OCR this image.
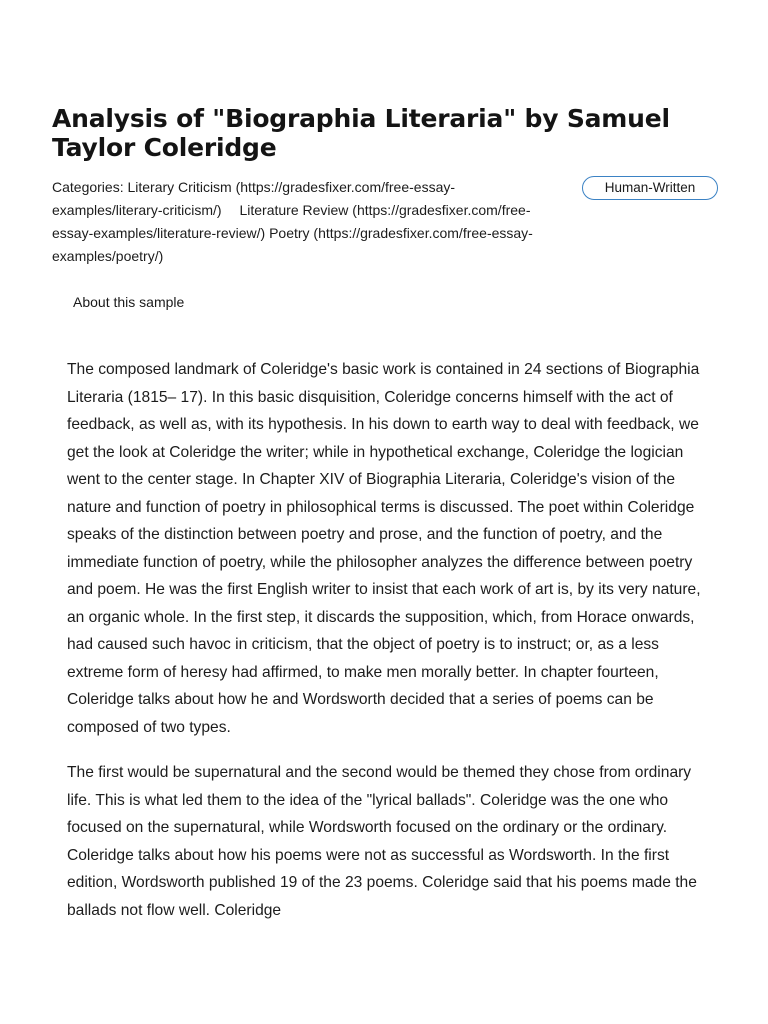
Analysis of "Biographia Literaria" by Samuel Taylor Coleridge
Categories: Literary Criticism (https://gradesfixer.com/free-essay-examples/literary-criticism/) Literature Review (https://gradesfixer.com/free-essay-examples/literature-review/) Poetry (https://gradesfixer.com/free-essay-examples/poetry/)
Human-Written
About this sample

The composed landmark of Coleridge's basic work is contained in 24 sections of Biographia Literaria (1815– 17). In this basic disquisition, Coleridge concerns himself with the act of feedback, as well as, with its hypothesis. In his down to earth way to deal with feedback, we get the look at Coleridge the writer; while in hypothetical exchange, Coleridge the logician went to the center stage. In Chapter XIV of Biographia Literaria, Coleridge's vision of the nature and function of poetry in philosophical terms is discussed. The poet within Coleridge speaks of the distinction between poetry and prose, and the function of poetry, and the immediate function of poetry, while the philosopher analyzes the difference between poetry and poem. He was the first English writer to insist that each work of art is, by its very nature, an organic whole. In the first step, it discards the supposition, which, from Horace onwards, had caused such havoc in criticism, that the object of poetry is to instruct; or, as a less extreme form of heresy had affirmed, to make men morally better. In chapter fourteen, Coleridge talks about how he and Wordsworth decided that a series of poems can be composed of two types.

The first would be supernatural and the second would be themed they chose from ordinary life. This is what led them to the idea of the "lyrical ballads". Coleridge was the one who focused on the supernatural, while Wordsworth focused on the ordinary or the ordinary. Coleridge talks about how his poems were not as successful as Wordsworth. In the first edition, Wordsworth published 19 of the 23 poems. Coleridge said that his poems made the ballads not flow well. Coleridge
